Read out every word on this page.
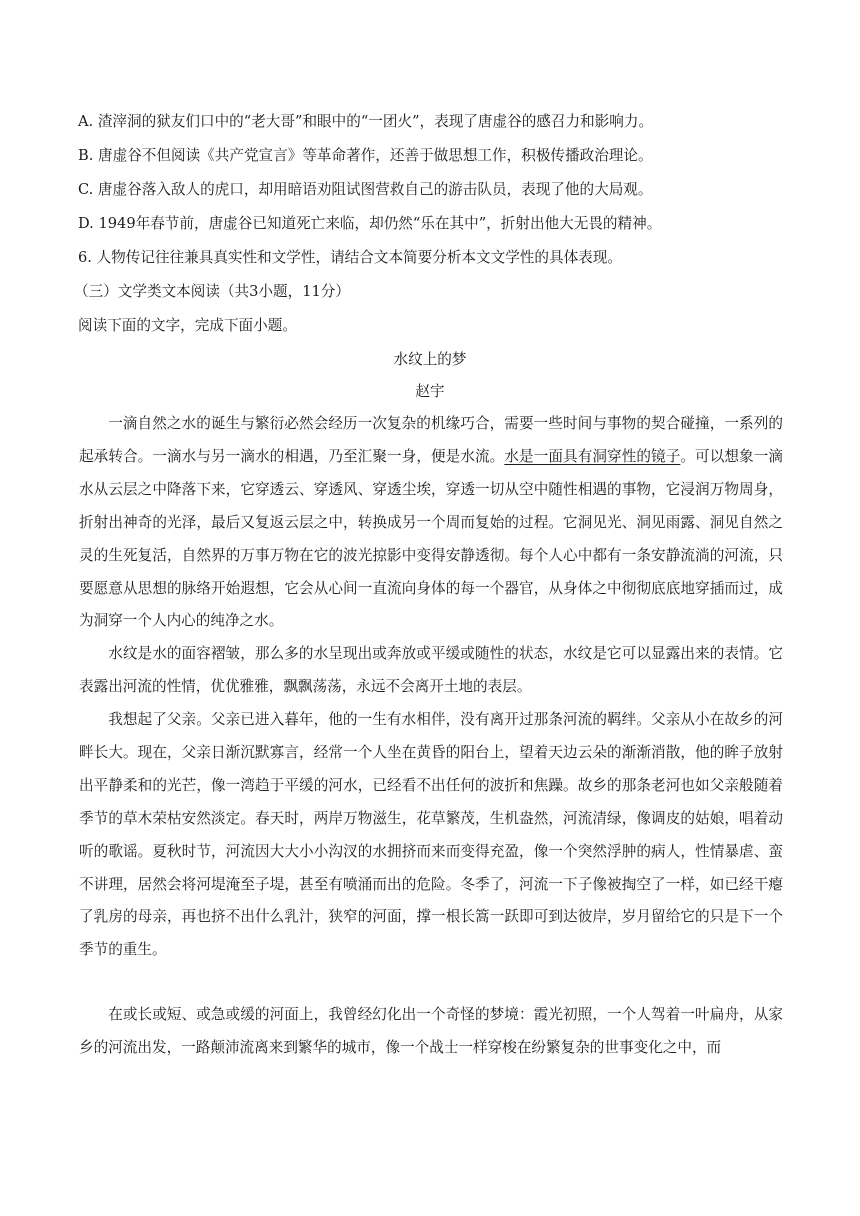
A. 渣滓洞的狱友们口中的“老大哥”和眼中的“一团火”，表现了唐虚谷的感召力和影响力。
B. 唐虚谷不但阅读《共产党宣言》等革命著作，还善于做思想工作，积极传播政治理论。
C. 唐虚谷落入敌人的虎口，却用暗语劝阻试图营救自己的游击队员，表现了他的大局观。
D. 1949年春节前，唐虚谷已知道死亡来临，却仍然“乐在其中”，折射出他大无畏的精神。
6. 人物传记往往兼具真实性和文学性，请结合文本简要分析本文文学性的具体表现。
（三）文学类文本阅读（共3小题，11分）
阅读下面的文字，完成下面小题。
水纹上的梦
赵宇

一滴自然之水的诞生与繁衍必然会经历一次复杂的机缘巧合，需要一些时间与事物的契合碰撞，一系列的起承转合。一滴水与另一滴水的相遇，乃至汇聚一身，便是水流。水是一面具有洞穿性的镜子。可以想象一滴水从云层之中降落下来，它穿透云、穿透风、穿透尘埃，穿透一切从空中随性相遇的事物，它浸润万物周身，折射出神奇的光泽，最后又复返云层之中，转换成另一个周而复始的过程。它洞见光、洞见雨露、洞见自然之灵的生死复活，自然界的万事万物在它的波光掠影中变得安静透彻。每个人心中都有一条安静流淌的河流，只要愿意从思想的脉络开始遐想，它会从心间一直流向身体的每一个器官，从身体之中彻彻底底地穿插而过，成为洞穿一个人内心的纯净之水。

水纹是水的面容褶皱，那么多的水呈现出或奔放或平缓或随性的状态，水纹是它可以显露出来的表情。它表露出河流的性情，优优雅雅，飘飘荡荡，永远不会离开土地的表层。

我想起了父亲。父亲已进入暮年，他的一生有水相伴，没有离开过那条河流的羁绊。父亲从小在故乡的河畔长大。现在，父亲日渐沉默寡言，经常一个人坐在黄昏的阳台上，望着天边云朵的渐渐消散，他的眸子放射出平静柔和的光芒，像一湾趋于平缓的河水，已经看不出任何的波折和焦躁。故乡的那条老河也如父亲般随着季节的草木荣枯安然淡定。春天时，两岸万物滋生，花草繁茂，生机盎然，河流清绿，像调皮的姑娘，唱着动听的歌谣。夏秋时节，河流因大大小小沟汊的水拥挤而来而变得充盈，像一个突然浮肿的病人，性情暴虐、蛮不讲理，居然会将河堤淹至子堤，甚至有喷涌而出的危险。冬季了，河流一下子像被掏空了一样，如已经干瘪了乳房的母亲，再也挤不出什么乳汁，狭窄的河面，撑一根长篙一跃即可到达彼岸，岁月留给它的只是下一个季节的重生。

在或长或短、或急或缓的河面上，我曾经幻化出一个奇怪的梦境：霞光初照，一个人驾着一叶扁舟，从家乡的河流出发，一路颠沛流离来到繁华的城市，像一个战士一样穿梭在纷繁复杂的世事变化之中，而
